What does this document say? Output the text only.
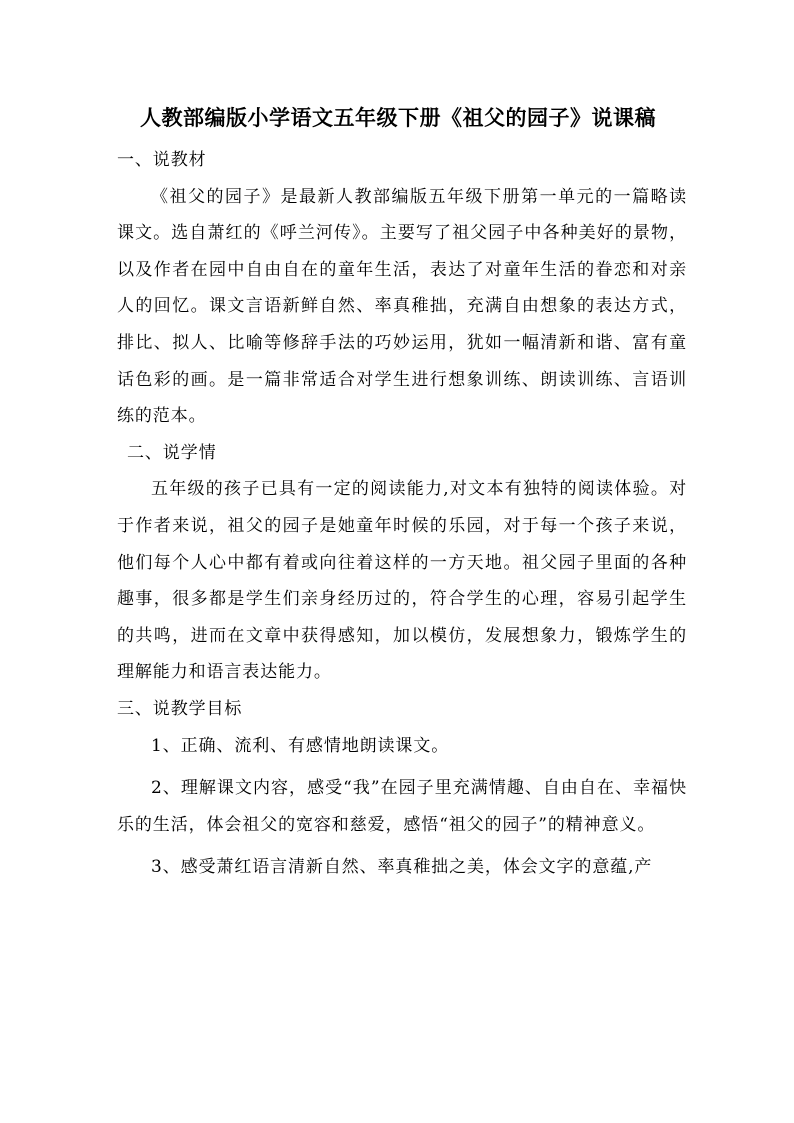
人教部编版小学语文五年级下册《祖父的园子》说课稿

一、说教材

《祖父的园子》是最新人教部编版五年级下册第一单元的一篇略读课文。选自萧红的《呼兰河传》。主要写了祖父园子中各种美好的景物，以及作者在园中自由自在的童年生活，表达了对童年生活的眷恋和对亲人的回忆。课文言语新鲜自然、率真稚拙，充满自由想象的表达方式，排比、拟人、比喻等修辞手法的巧妙运用，犹如一幅清新和谐、富有童话色彩的画。是一篇非常适合对学生进行想象训练、朗读训练、言语训练的范本。

二、说学情

五年级的孩子已具有一定的阅读能力,对文本有独特的阅读体验。对于作者来说，祖父的园子是她童年时候的乐园，对于每一个孩子来说，他们每个人心中都有着或向往着这样的一方天地。祖父园子里面的各种趣事，很多都是学生们亲身经历过的，符合学生的心理，容易引起学生的共鸣，进而在文章中获得感知，加以模仿，发展想象力，锻炼学生的理解能力和语言表达能力。

三、说教学目标

1、正确、流利、有感情地朗读课文。

2、理解课文内容，感受“我”在园子里充满情趣、自由自在、幸福快乐的生活，体会祖父的宽容和慈爱，感悟“祖父的园子”的精神意义。

3、感受萧红语言清新自然、率真稚拙之美，体会文字的意蕴,产
